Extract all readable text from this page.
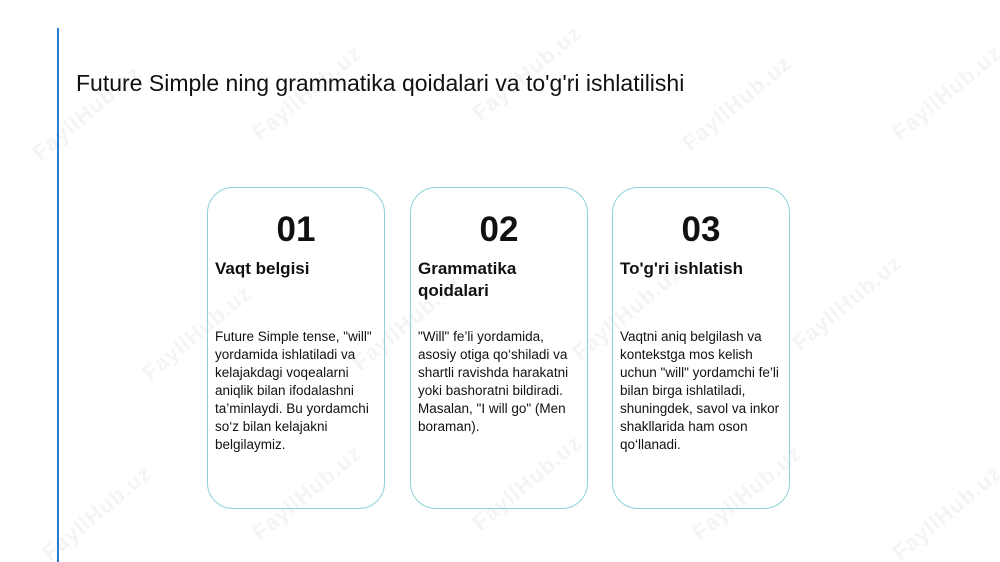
Future Simple ning grammatika qoidalari va to'g'ri ishlatilishi
01
Vaqt belgisi
Future Simple tense, "will" yordamida ishlatiladi va kelajakdagi voqealarni aniqlik bilan ifodalashni ta’minlaydi. Bu yordamchi so‘z bilan kelajakni belgilaymiz.
02
Grammatika qoidalari
"Will" fe’li yordamida, asosiy otiga qo‘shiladi va shartli ravishda harakatni yoki bashoratni bildiradi. Masalan, "I will go" (Men boraman).
03
To'g'ri ishlatish
Vaqtni aniq belgilash va kontekstga mos kelish uchun "will" yordamchi fe’li bilan birga ishlatiladi, shuningdek, savol va inkor shakllarida ham oson qo‘llanadi.
